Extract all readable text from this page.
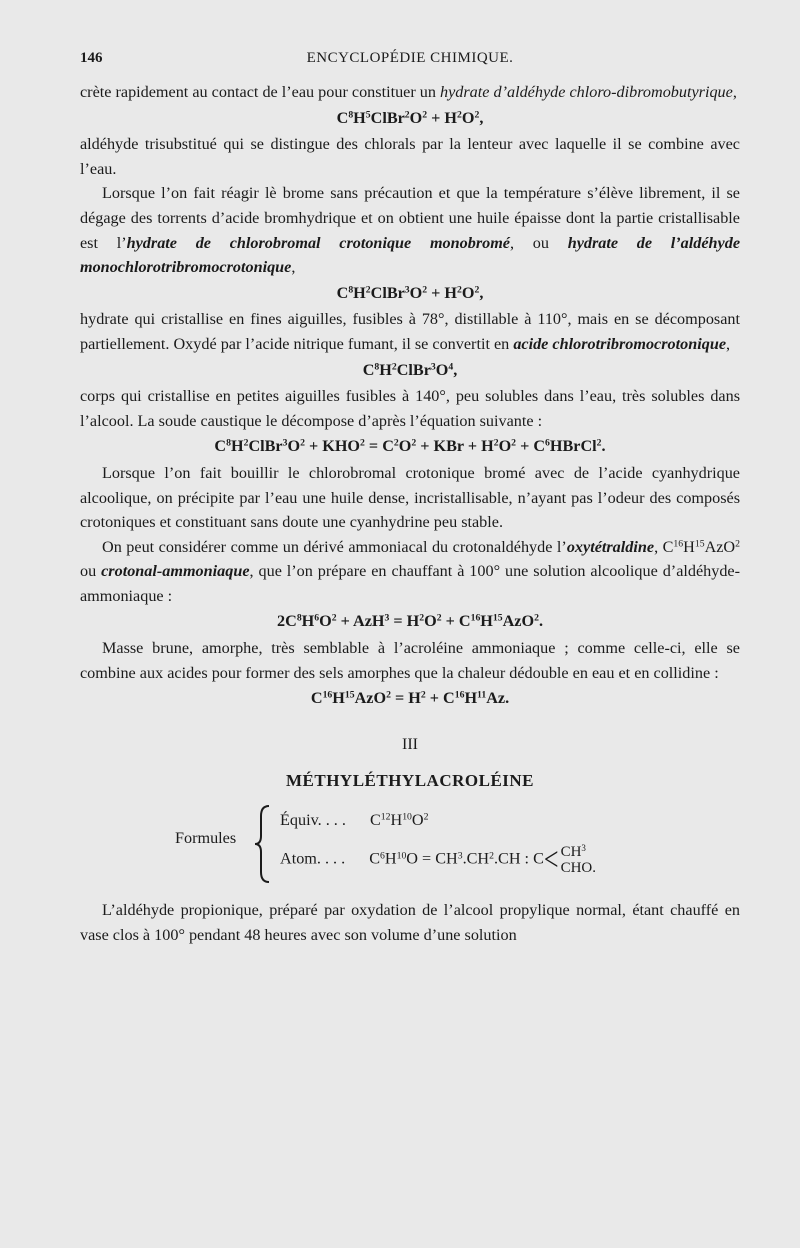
146	ENCYCLOPÉDIE CHIMIQUE.

crète rapidement au contact de l’eau pour constituer un hydrate d’aldéhyde chloro-dibromobutyrique,

$C^8H^5ClBr^2O^2 + H^2O^2$,

aldéhyde trisubstitué qui se distingue des chlorals par la lenteur avec laquelle il se combine avec l’eau.

Lorsque l’on fait réagir lè brome sans précaution et que la température s’élève librement, il se dégage des torrents d’acide bromhydrique et on obtient une huile épaisse dont la partie cristallisable est l’hydrate de chlorobromal crotonique monobromé, ou hydrate de l’aldéhyde monochlorotribromocrotonique,

$C^8H^2ClBr^3O^2 + H^2O^2$,

hydrate qui cristallise en fines aiguilles, fusibles à 78°, distillable à 110°, mais en se décomposant partiellement. Oxydé par l’acide nitrique fumant, il se convertit en acide chlorotribromocrotonique,

$C^8H^2ClBr^3O^4$,

corps qui cristallise en petites aiguilles fusibles à 140°, peu solubles dans l’eau, très solubles dans l’alcool. La soude caustique le décompose d’après l’équation suivante :

$C^8H^2ClBr^3O^2 + KHO^2 = C^2O^2$ + KBr + $H^2O^2$ + $C^6HBrCl^2$.

Lorsque l’on fait bouillir le chlorobromal crotonique bromé avec de l’acide cyanhydrique alcoolique, on précipite par l’eau une huile dense, incristallisable, n’ayant pas l’odeur des composés crotoniques et constituant sans doute une cyanhydrine peu stable.

On peut considérer comme un dérivé ammoniacal du crotonaldéhyde l’oxytétraldine, $C^{16}H^{15}AzO^2$ ou crotonal-ammoniaque, que l’on prépare en chauffant à 100° une solution alcoolique d’aldéhyde-ammoniaque :

$2C^8H^6O^2 + AzH^3 = H^2O^2 + C^{16}H^{15}AzO^2$.

Masse brune, amorphe, très semblable à l’acroléine ammoniaque ; comme celle-ci, elle se combine aux acides pour former des sels amorphes que la chaleur dédouble en eau et en collidine :

$C^{16}H^{15}AzO^2 = H^2 + C^{16}H^{11}Az$.
III
MÉTHYLÉTHYLACROLÉINE
Formules
Équiv. . . . $C^{12}H^{10}O^2$
Atom. . . . $C^6H^{10}O = CH^3.CH^2.CH$ : $C< CH^3$
CHO.

L’aldéhyde propionique, préparé par oxydation de l’alcool propylique normal, étant chauffé en vase clos à 100° pendant 48 heures avec son volume d’une solution
